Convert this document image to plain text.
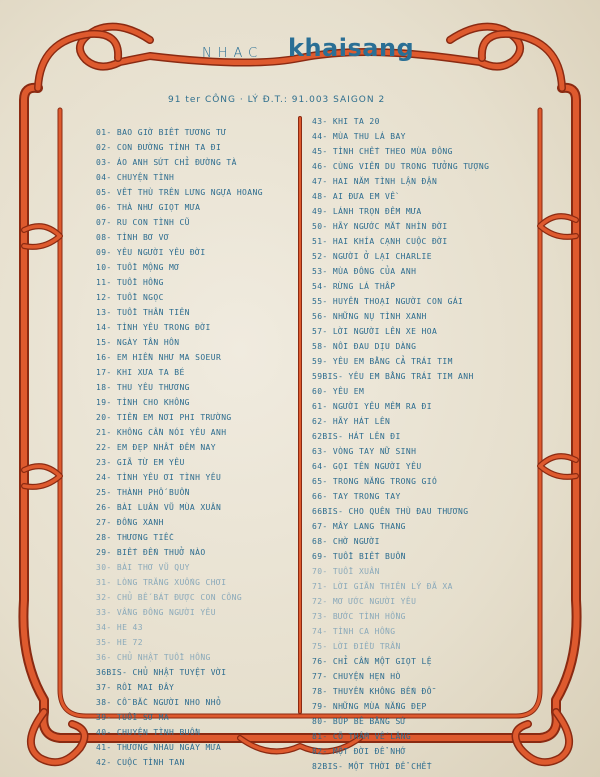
NHAC khaisang
91 ter CÔNG · LÝ Đ.T.: 91.003 SAIGON 2
01- BAO GIỜ BIẾT TƯƠNG TƯ
02- CON ĐƯỜNG TÌNH TA ĐI
03- ÁO ANH SỨT CHỈ ĐƯỜNG TÀ
04- CHUYỆN TÌNH
05- VẾT THÙ TRÊN LƯNG NGỰA HOANG
06- THÀ NHƯ GIỌT MƯA
07- RU CON TÌNH CŨ
08- TÌNH BƠ VƠ
09- YÊU NGƯỜI YÊU ĐỜI
10- TUỔI MỘNG MƠ
11- TUỔI HỒNG
12- TUỔI NGỌC
13- TUỔI THẦN TIÊN
14- TÌNH YÊU TRONG ĐỜI
15- NGÀY TÂN HÔN
16- EM HIỀN NHƯ MA SOEUR
17- KHI XƯA TA BÉ
18- THU YÊU THƯƠNG
19- TÌNH CHO KHÔNG
20- TIỄN EM NƠI PHI TRƯỜNG
21- KHÔNG CẦN NÓI YÊU ANH
22- EM ĐẸP NHẤT ĐÊM NAY
23- GIÃ TỪ EM YÊU
24- TÌNH YÊU ƠI TÌNH YÊU
25- THÀNH PHỐ BUỒN
26- BÀI LUÂN VŨ MÙA XUÂN
27- ĐỒNG XANH
28- THƯƠNG TIẾC
29- BIẾT ĐẾN THUỞ NÀO
30- BÀI THƠ VŨ QUY
31- LÒNG TRĂNG XUỐNG CHƠI
32- CHỦ BẾ BÁT ĐƯỢC CON CÔNG
33- VẦNG ĐÔNG NGƯỜI YÊU
34- HE 43
35- HE 72
36- CHỦ NHẬT TUỔI HỒNG
36BIS- CHỦ NHẬT TUYỆT VỜI
37- RỒI MAI ĐÂY
38- CỖ BẮC NGƯỜI NHO NHỎ
39- TUỔI SƠ MA
40- CHUYỆN TÌNH BUỒN
41- THƯƠNG NHAU NGÀY MƯA
42- CUỘC TÌNH TAN
43- KHI TA 20
44- MÙA THU LÁ BAY
45- TÌNH CHẾT THEO MÙA ĐÔNG
46- CÙNG VIỄN DU TRONG TƯỞNG TƯỢNG
47- HAI NĂM TÌNH LẬN ĐẬN
48- AI ĐƯA EM VỀ
49- LÁNH TRỌN ĐÊM MƯA
50- HÃY NGƯỚC MẮT NHÌN ĐỜI
51- HAI KHÍA CẠNH CUỘC ĐỜI
52- NGƯỜI Ở LẠI CHARLIE
53- MÙA ĐÔNG CỦA ANH
54- RỪNG LÁ THẤP
55- HUYỀN THOẠI NGƯỜI CON GÁI
56- NHỮNG NỤ TÌNH XANH
57- LỜI NGƯỜI LÊN XE HOA
58- NỖI ĐAU DỊU DÀNG
59- YÊU EM BẰNG CẢ TRÁI TIM
59BIS- YÊU EM BẰNG TRÁI TIM ANH
60- YÊU EM
61- NGƯỜI YÊU MỀM RA ĐI
62- HÃY HÁT LÊN
62BIS- HÁT LÊN ĐI
63- VÒNG TAY NỮ SINH
64- GỌI TÊN NGƯỜI YÊU
65- TRONG NẮNG TRONG GIÓ
66- TAY TRONG TAY
66BIS- CHO QUÊN THÙ ĐAU THƯƠNG
67- MÂY LANG THANG
68- CHỜ NGƯỜI
69- TUỔI BIẾT BUỒN
70- TUỔI XUÂN
71- LỜI GIÃN THIÊN LÝ ĐÃ XA
72- MƠ ƯỚC NGƯỜI YÊU
73- BƯỚC TÌNH HỒNG
74- TÌNH CA HỒNG
75- LỜI ĐIỀU TRẦN
76- CHỈ CẦN MỘT GIỌT LỆ
77- CHUYỆN HẸN HÒ
78- THUYỀN KHÔNG BẾN ĐỖ
79- NHỮNG MÙA NẮNG ĐẸP
80- BÚP BÊ BẰNG SỨ
81- CÕ THẤM VẾ LĂNG
82- MỘT ĐỜI ĐỂ NHỚ
82BIS- MỘT THỜI ĐỂ CHẾT
